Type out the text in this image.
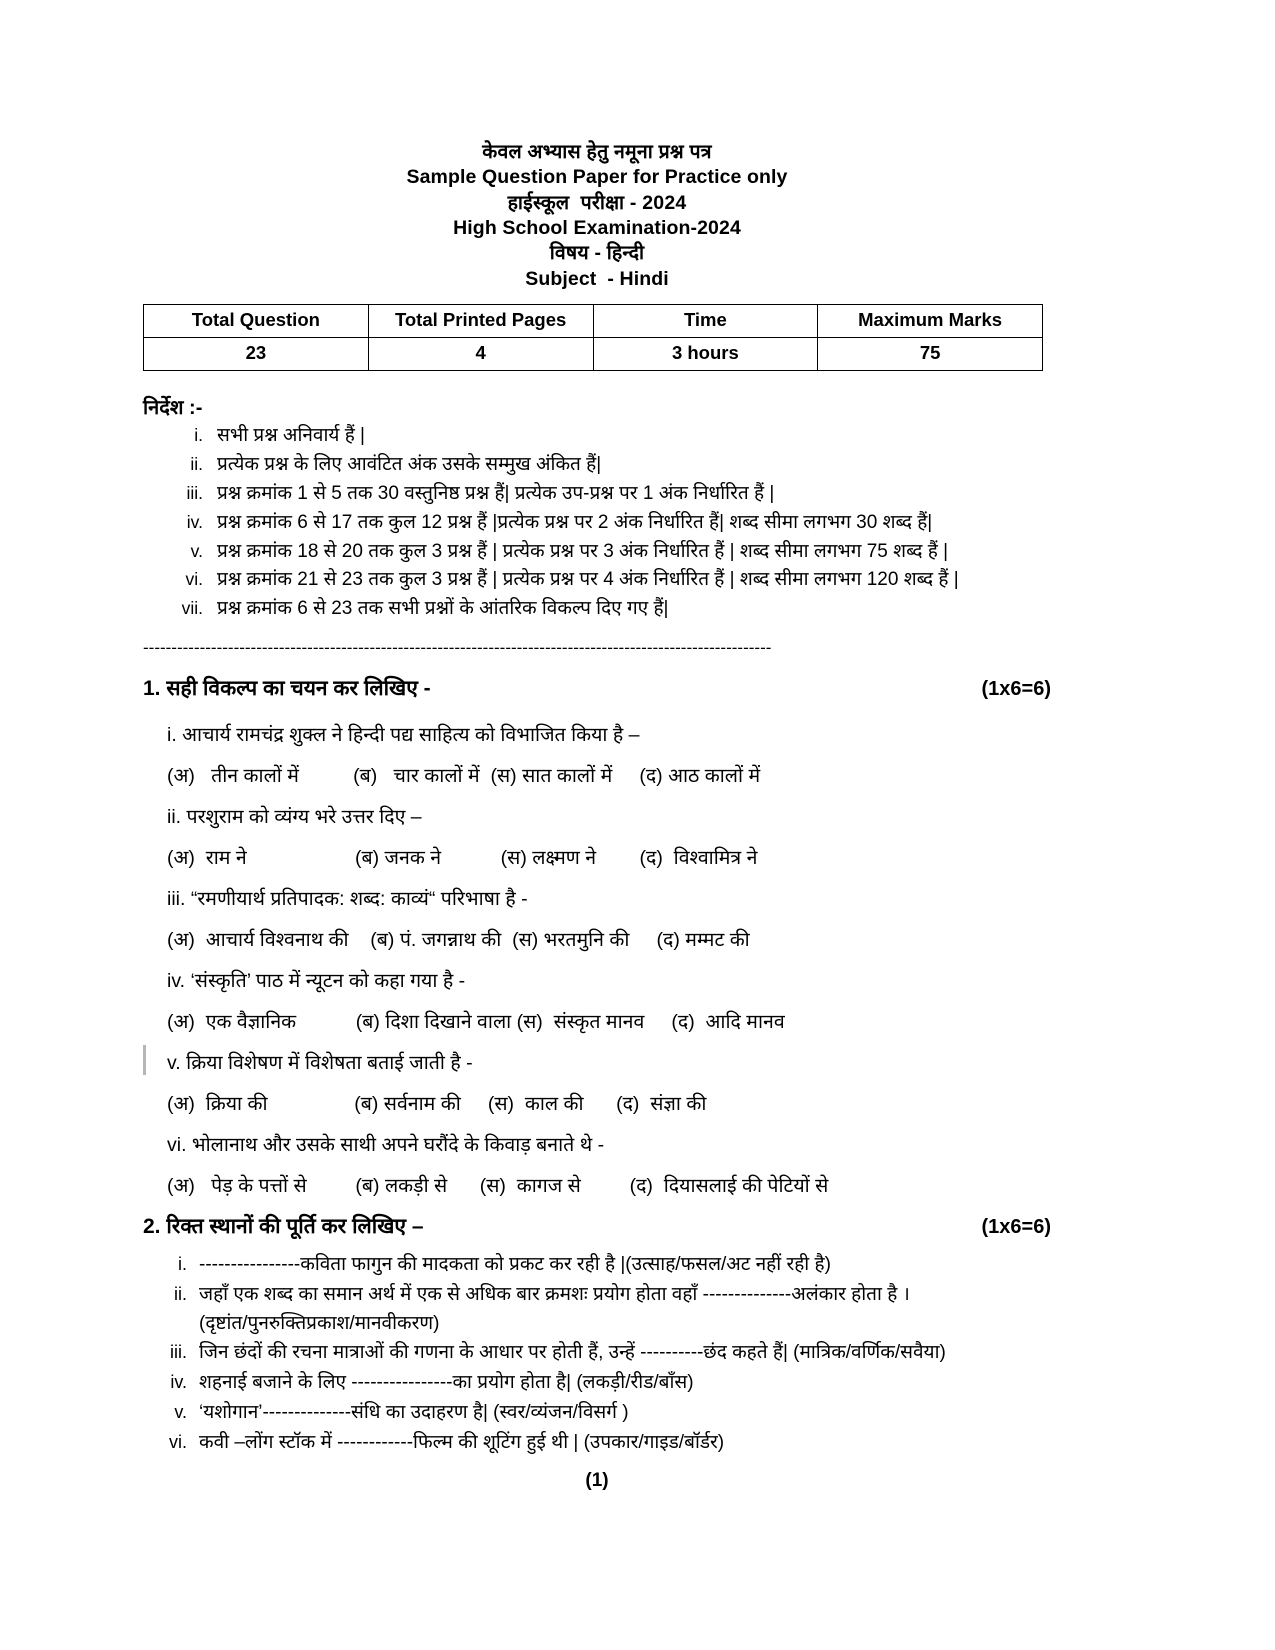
केवल अभ्यास हेतु नमूना प्रश्न पत्र
Sample Question Paper for Practice only
हाईस्कूल  परीक्षा - 2024
High School Examination-2024
विषय - हिन्दी
Subject  - Hindi
Total Question	Total Printed Pages	Time	Maximum Marks
23	4	3 hours	75
निर्देश :-
i. सभी प्रश्न अनिवार्य हैं |
ii. प्रत्येक प्रश्न के लिए आवंटित अंक उसके सम्मुख अंकित हैं|
iii. प्रश्न क्रमांक 1 से 5 तक 30 वस्तुनिष्ठ प्रश्न हैं| प्रत्येक उप-प्रश्न पर 1 अंक निर्धारित हैं |
iv. प्रश्न क्रमांक 6 से 17 तक कुल 12 प्रश्न हैं |प्रत्येक प्रश्न पर 2 अंक निर्धारित हैं| शब्द सीमा लगभग 30 शब्द हैं|
v. प्रश्न क्रमांक 18 से 20 तक कुल 3 प्रश्न हैं | प्रत्येक प्रश्न पर 3 अंक निर्धारित हैं | शब्द सीमा लगभग 75 शब्द हैं |
vi. प्रश्न क्रमांक 21 से 23 तक कुल 3 प्रश्न हैं | प्रत्येक प्रश्न पर 4 अंक निर्धारित हैं | शब्द सीमा लगभग 120 शब्द हैं |
vii. प्रश्न क्रमांक 6 से 23 तक सभी प्रश्नों के आंतरिक विकल्प दिए गए हैं|
---------------------------------------------------------------------------------------------------------------
1. सही विकल्प का चयन कर लिखिए -	(1x6=6)
i. आचार्य रामचंद्र शुक्ल ने हिन्दी पद्य साहित्य को विभाजित किया है –
(अ)   तीन कालों में          (ब)   चार कालों में  (स) सात कालों में     (द) आठ कालों में
ii. परशुराम को व्यंग्य भरे उत्तर दिए –
(अ)  राम ने                    (ब) जनक ने           (स) लक्ष्मण ने        (द)  विश्वामित्र ने
iii. “रमणीयार्थ प्रतिपादक: शब्द: काव्यं“ परिभाषा है -
(अ)  आचार्य विश्वनाथ की    (ब) पं. जगन्नाथ की  (स) भरतमुनि की     (द) मम्मट की
iv. ‘संस्कृति’ पाठ में न्यूटन को कहा गया है -
(अ)  एक वैज्ञानिक           (ब) दिशा दिखाने वाला (स)  संस्कृत मानव     (द)  आदि मानव
v. क्रिया विशेषण में विशेषता बताई जाती है -
(अ)  क्रिया की                (ब) सर्वनाम की     (स)  काल की      (द)  संज्ञा की
vi. भोलानाथ और उसके साथी अपने घरौंदे के किवाड़ बनाते थे -
(अ)   पेड़ के पत्तों से         (ब) लकड़ी से      (स)  कागज से         (द)  दियासलाई की पेटियों से
2. रिक्त स्थानों की पूर्ति कर लिखिए –	(1x6=6)
i. ----------------कविता फागुन की मादकता को प्रकट कर रही है |(उत्साह/फसल/अट नहीं रही है)
ii. जहाँ एक शब्द का समान अर्थ में एक से अधिक बार क्रमशः प्रयोग होता वहाँ --------------अलंकार होता है ।
(दृष्टांत/पुनरुक्तिप्रकाश/मानवीकरण)
iii. जिन छंदों की रचना मात्राओं की गणना के आधार पर होती हैं, उन्हें ----------छंद कहते हैं| (मात्रिक/वर्णिक/सवैया)
iv. शहनाई बजाने के लिए ----------------का प्रयोग होता है| (लकड़ी/रीड/बाँस)
v. ‘यशोगान’--------------संधि का उदाहरण है| (स्वर/व्यंजन/विसर्ग )
vi. कवी –लोंग स्टॉक में ------------फिल्म की शूटिंग हुई थी | (उपकार/गाइड/बॉर्डर)
(1)
